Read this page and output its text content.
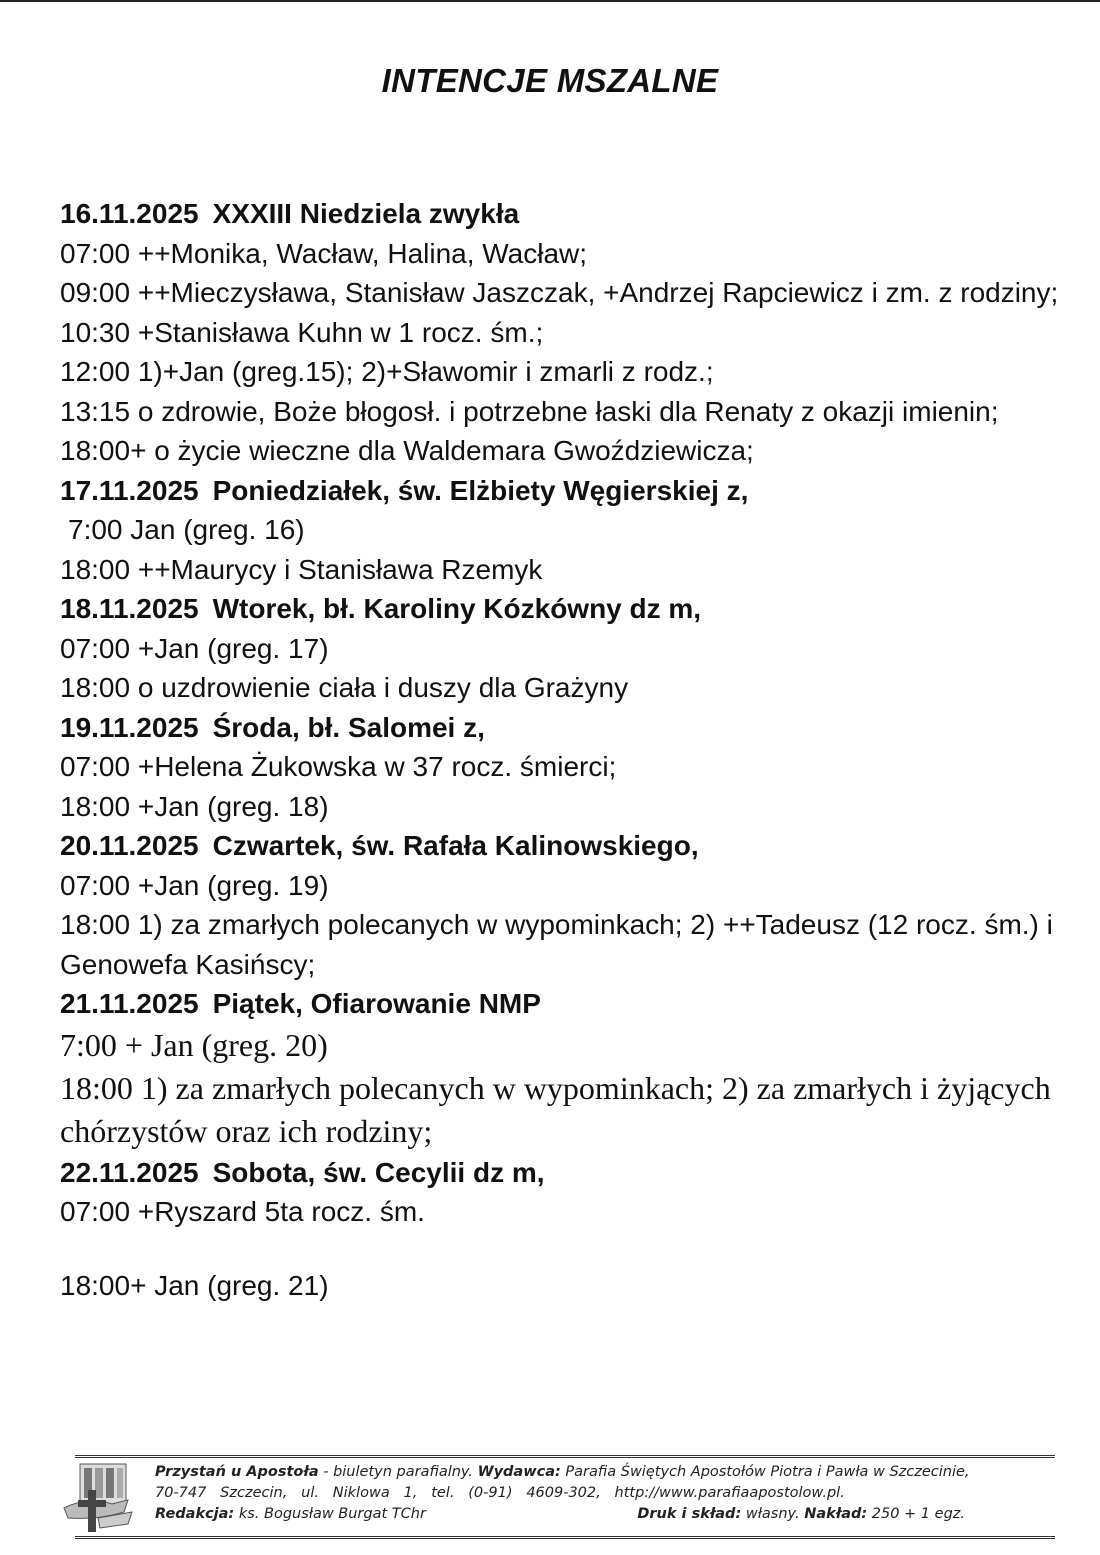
INTENCJE MSZALNE
16.11.2025 XXXIII Niedziela zwykła
07:00 ++Monika, Wacław, Halina, Wacław;
09:00 ++Mieczysława, Stanisław Jaszczak, +Andrzej Rapciewicz i zm. z rodziny;
10:30 +Stanisława Kuhn w 1 rocz. śm.;
12:00 1)+Jan (greg.15); 2)+Sławomir i zmarli z rodz.;
13:15 o zdrowie, Boże błogosł. i potrzebne łaski dla Renaty z okazji imienin;
18:00+ o życie wieczne dla Waldemara Gwoździewicza;
17.11.2025 Poniedziałek, św. Elżbiety Węgierskiej z,
7:00 Jan (greg. 16)
18:00 ++Maurycy i Stanisława Rzemyk
18.11.2025 Wtorek, bł. Karoliny Kózkówny dz m,
07:00 +Jan (greg. 17)
18:00 o uzdrowienie ciała i duszy dla Grażyny
19.11.2025 Środa, bł. Salomei z,
07:00 +Helena Żukowska w 37 rocz. śmierci;
18:00 +Jan (greg. 18)
20.11.2025 Czwartek, św. Rafała Kalinowskiego,
07:00 +Jan (greg. 19)
18:00 1) za zmarłych polecanych w wypominkach; 2) ++Tadeusz (12 rocz. śm.) i Genowefa Kasińscy;
21.11.2025 Piątek, Ofiarowanie NMP
7:00 + Jan (greg. 20)
18:00 1) za zmarłych polecanych w wypominkach; 2) za zmarłych i żyjących chórzystów oraz ich rodziny;
22.11.2025 Sobota, św. Cecylii dz m,
07:00 +Ryszard 5ta rocz. śm.
18:00+ Jan (greg. 21)
Przystań u Apostoła - biuletyn parafialny. Wydawca: Parafia Świętych Apostołów Piotra i Pawła w Szczecinie,
70-747   Szczecin,   ul.   Niklowa   1,   tel.   (0-91)   4609-302,   http://www.parafiaapostolow.pl.
Redakcja: ks. Bogusław Burgat TChr	Druk i skład: własny. Nakład: 250 + 1 egz.
